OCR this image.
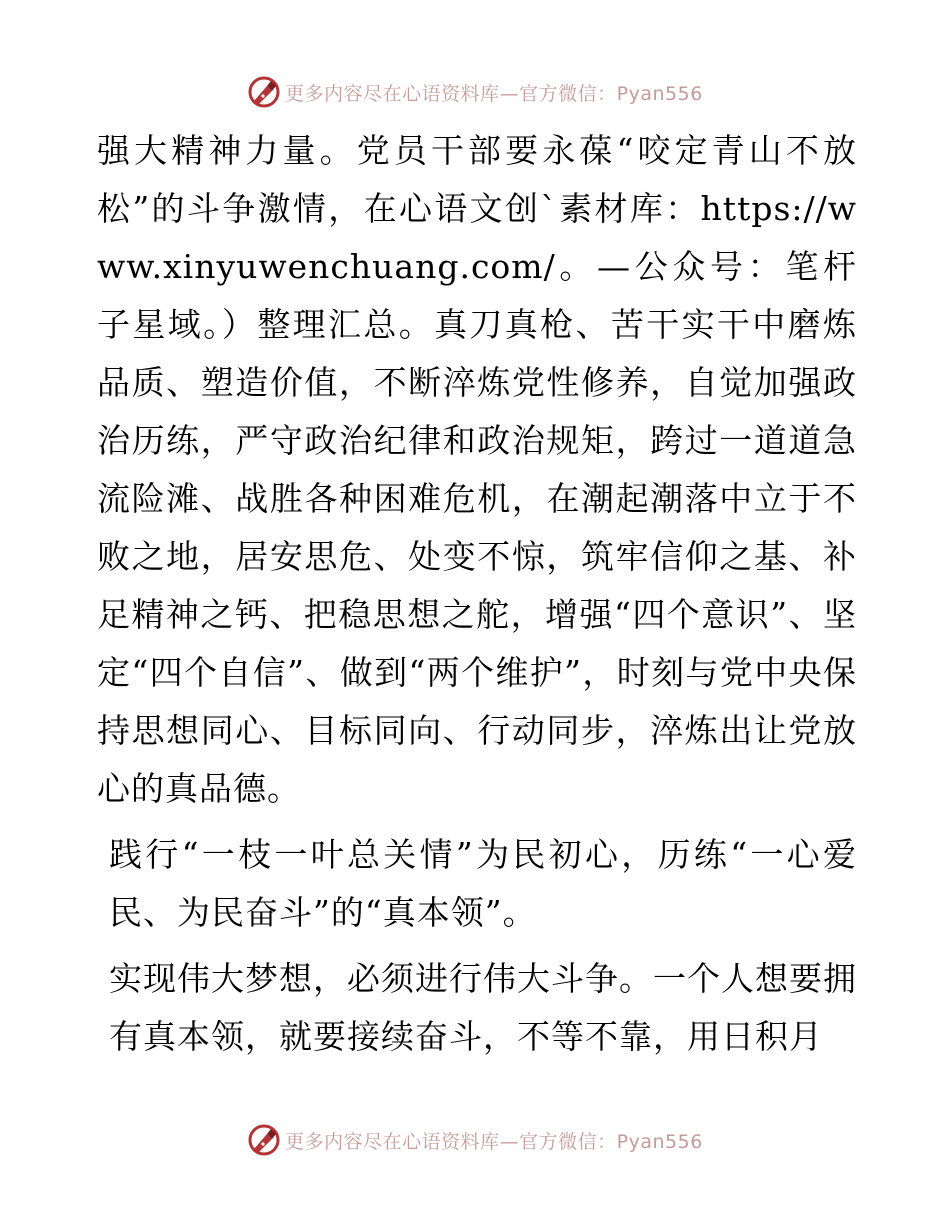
更多内容尽在心语资料库—官方微信：Pyan556

强大精神力量。党员干部要永葆“咬定青山不放松”的斗争激情，在心语文创`素材库：https://www.xinyuwenchuang.com/。—公众号：笔杆子星域。）整理汇总。真刀真枪、苦干实干中磨炼品质、塑造价值，不断淬炼党性修养，自觉加强政治历练，严守政治纪律和政治规矩，跨过一道道急流险滩、战胜各种困难危机，在潮起潮落中立于不败之地，居安思危、处变不惊，筑牢信仰之基、补足精神之钙、把稳思想之舵，增强“四个意识”、坚定“四个自信”、做到“两个维护”，时刻与党中央保持思想同心、目标同向、行动同步，淬炼出让党放心的真品德。

践行“一枝一叶总关情”为民初心，历练“一心爱民、为民奋斗”的“真本领”。

实现伟大梦想，必须进行伟大斗争。一个人想要拥有真本领，就要接续奋斗，不等不靠，用日积月

更多内容尽在心语资料库—官方微信：Pyan556
